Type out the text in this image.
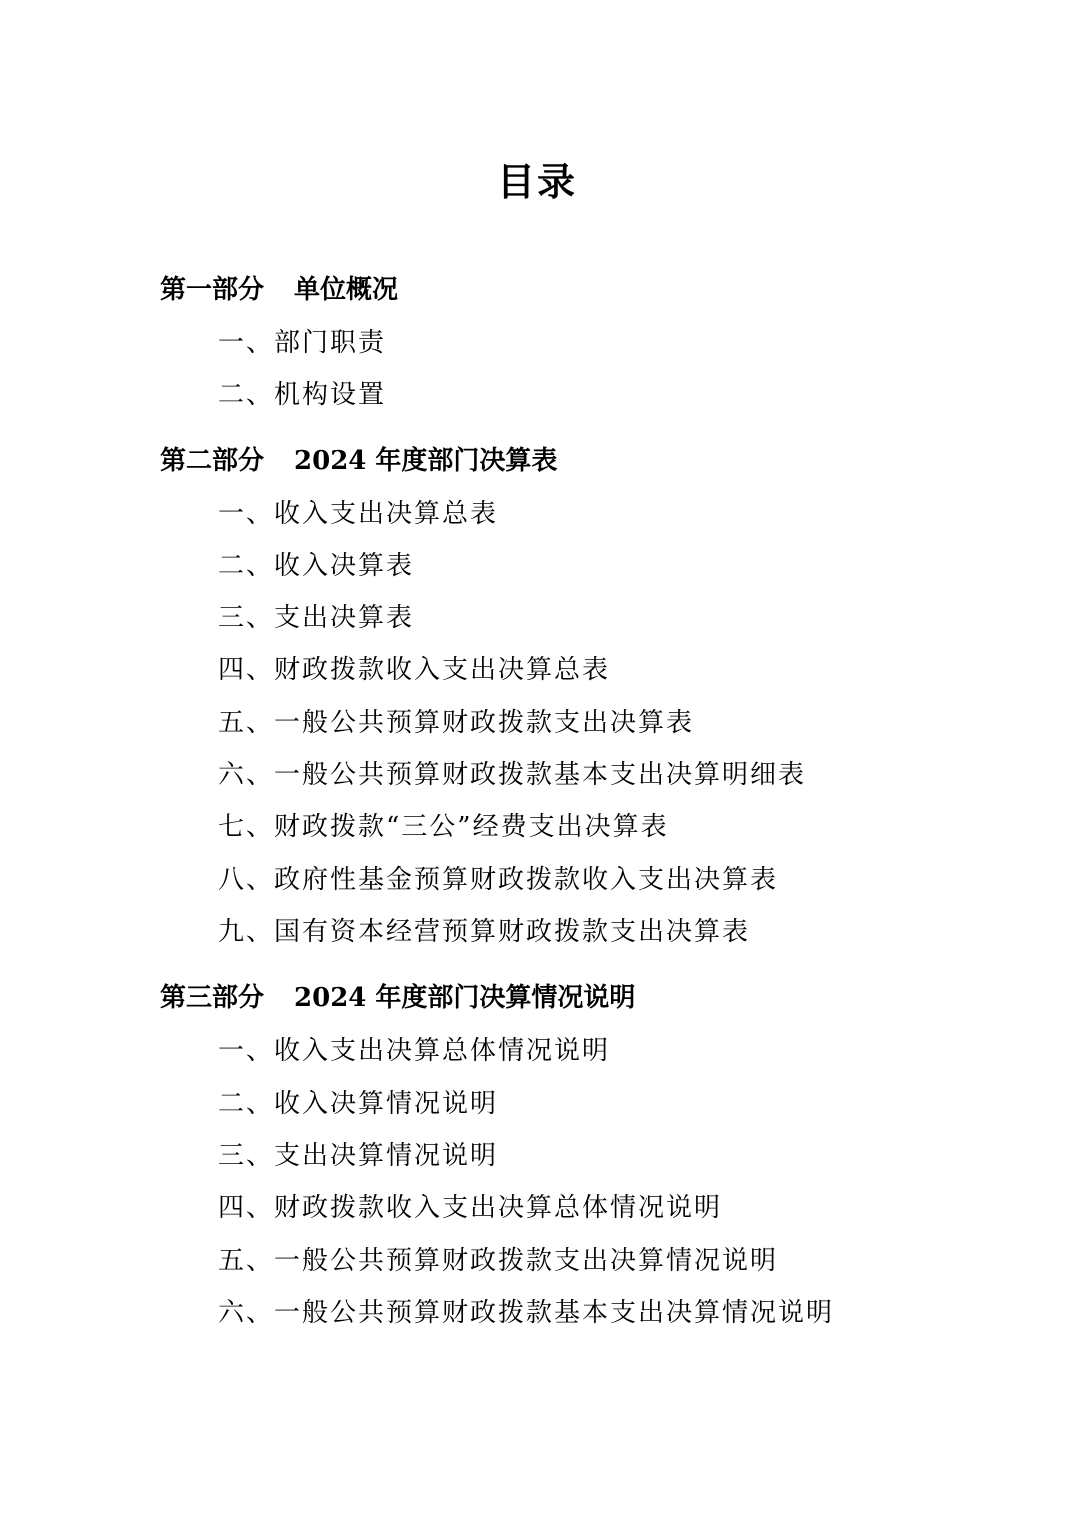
目录
第一部分 单位概况
一、部门职责
二、机构设置
第二部分 2024 年度部门决算表
一、收入支出决算总表
二、收入决算表
三、支出决算表
四、财政拨款收入支出决算总表
五、一般公共预算财政拨款支出决算表
六、一般公共预算财政拨款基本支出决算明细表
七、财政拨款“三公”经费支出决算表
八、政府性基金预算财政拨款收入支出决算表
九、国有资本经营预算财政拨款支出决算表
第三部分 2024 年度部门决算情况说明
一、收入支出决算总体情况说明
二、收入决算情况说明
三、支出决算情况说明
四、财政拨款收入支出决算总体情况说明
五、一般公共预算财政拨款支出决算情况说明
六、一般公共预算财政拨款基本支出决算情况说明
